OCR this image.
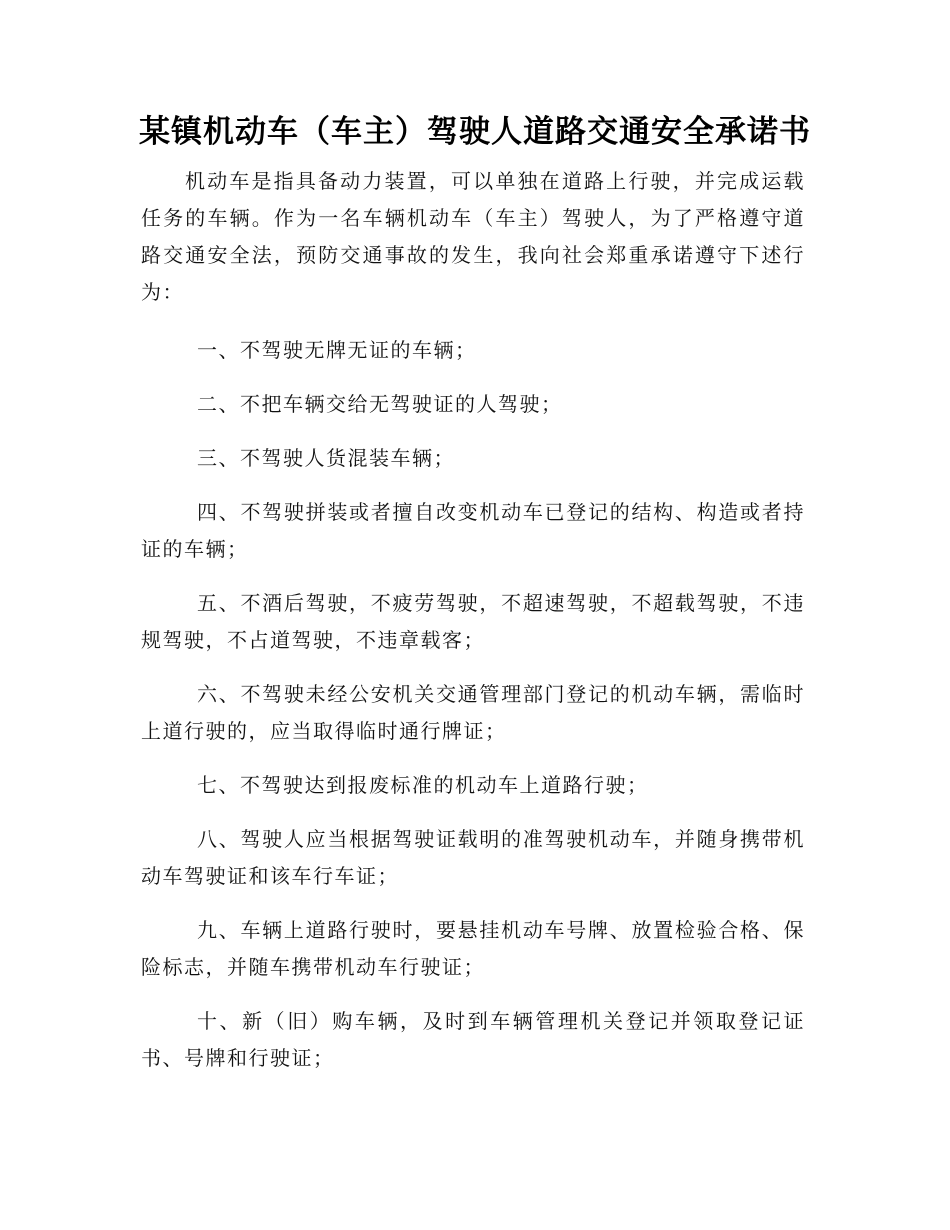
某镇机动车（车主）驾驶人道路交通安全承诺书

机动车是指具备动力装置，可以单独在道路上行驶，并完成运载任务的车辆。作为一名车辆机动车（车主）驾驶人，为了严格遵守道路交通安全法，预防交通事故的发生，我向社会郑重承诺遵守下述行为：

一、不驾驶无牌无证的车辆；
二、不把车辆交给无驾驶证的人驾驶；
三、不驾驶人货混装车辆；
四、不驾驶拼装或者擅自改变机动车已登记的结构、构造或者持证的车辆；
五、不酒后驾驶，不疲劳驾驶，不超速驾驶，不超载驾驶，不违规驾驶，不占道驾驶，不违章载客；
六、不驾驶未经公安机关交通管理部门登记的机动车辆，需临时上道行驶的，应当取得临时通行牌证；
七、不驾驶达到报废标准的机动车上道路行驶；
八、驾驶人应当根据驾驶证载明的准驾驶机动车，并随身携带机动车驾驶证和该车行车证；
九、车辆上道路行驶时，要悬挂机动车号牌、放置检验合格、保险标志，并随车携带机动车行驶证；
十、新（旧）购车辆，及时到车辆管理机关登记并领取登记证书、号牌和行驶证；
